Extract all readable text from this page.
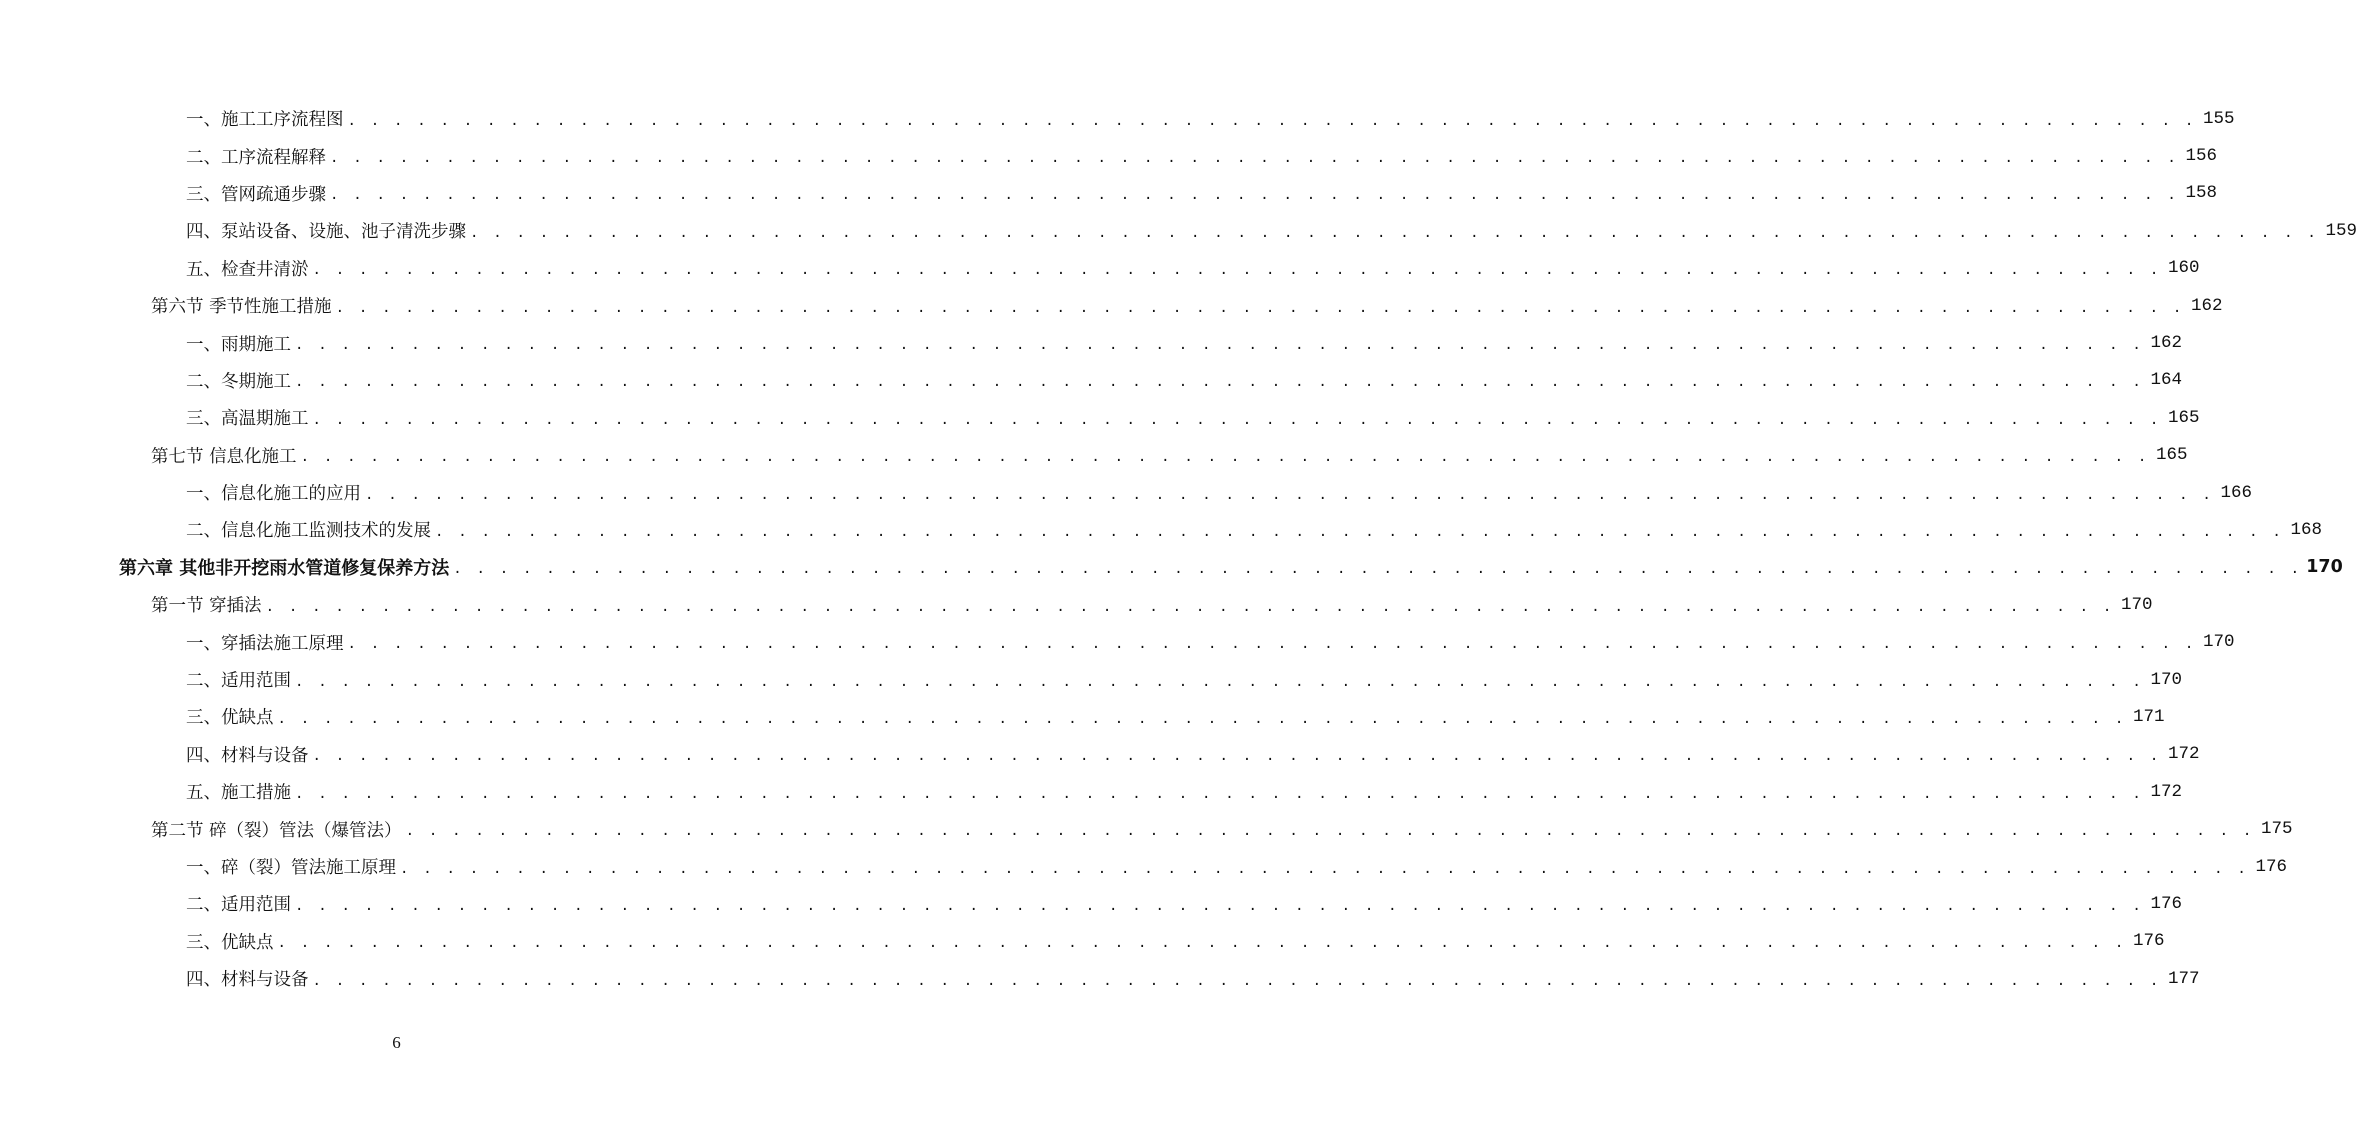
一、施工工序流程图 . . . . . . . . . . . . . . . . . . . . . . . . . . . . . . . . . . . . . . . . . . . . . . . . . . . . . . . . . . . . . . . . . . . . . . . . . . . . . . . . 155
二、工序流程解释 . . . . . . . . . . . . . . . . . . . . . . . . . . . . . . . . . . . . . . . . . . . . . . . . . . . . . . . . . . . . . . . . . . . . . . . . . . . . . . . . 156
三、管网疏通步骤 . . . . . . . . . . . . . . . . . . . . . . . . . . . . . . . . . . . . . . . . . . . . . . . . . . . . . . . . . . . . . . . . . . . . . . . . . . . . . . . . 158
四、泵站设备、设施、池子清洗步骤 . . . . . . . . . . . . . . . . . . . . . . . . . . . . . . . . . . . . . . . . . . . . . . . . . . . . . . . . . . . . . . . . . . . . . . . . . . . . . . . . 159
五、检查井清淤 . . . . . . . . . . . . . . . . . . . . . . . . . . . . . . . . . . . . . . . . . . . . . . . . . . . . . . . . . . . . . . . . . . . . . . . . . . . . . . . . 160
第六节 季节性施工措施 . . . . . . . . . . . . . . . . . . . . . . . . . . . . . . . . . . . . . . . . . . . . . . . . . . . . . . . . . . . . . . . . . . . . . . . . . . . . . . . . 162
一、雨期施工 . . . . . . . . . . . . . . . . . . . . . . . . . . . . . . . . . . . . . . . . . . . . . . . . . . . . . . . . . . . . . . . . . . . . . . . . . . . . . . . . 162
二、冬期施工 . . . . . . . . . . . . . . . . . . . . . . . . . . . . . . . . . . . . . . . . . . . . . . . . . . . . . . . . . . . . . . . . . . . . . . . . . . . . . . . . 164
三、高温期施工 . . . . . . . . . . . . . . . . . . . . . . . . . . . . . . . . . . . . . . . . . . . . . . . . . . . . . . . . . . . . . . . . . . . . . . . . . . . . . . . . 165
第七节 信息化施工 . . . . . . . . . . . . . . . . . . . . . . . . . . . . . . . . . . . . . . . . . . . . . . . . . . . . . . . . . . . . . . . . . . . . . . . . . . . . . . . . 165
一、信息化施工的应用 . . . . . . . . . . . . . . . . . . . . . . . . . . . . . . . . . . . . . . . . . . . . . . . . . . . . . . . . . . . . . . . . . . . . . . . . . . . . . . . . 166
二、信息化施工监测技术的发展 . . . . . . . . . . . . . . . . . . . . . . . . . . . . . . . . . . . . . . . . . . . . . . . . . . . . . . . . . . . . . . . . . . . . . . . . . . . . . . . . 168
第六章 其他非开挖雨水管道修复保养方法 . . . . . . . . . . . . . . . . . . . . . . . . . . . . . . . . . . . . . . . . . . . . . . . . . . . . . . . . . . . . . . . . . . . . . . . . . . . . . . . . 170
第一节 穿插法 . . . . . . . . . . . . . . . . . . . . . . . . . . . . . . . . . . . . . . . . . . . . . . . . . . . . . . . . . . . . . . . . . . . . . . . . . . . . . . . . 170
一、穿插法施工原理 . . . . . . . . . . . . . . . . . . . . . . . . . . . . . . . . . . . . . . . . . . . . . . . . . . . . . . . . . . . . . . . . . . . . . . . . . . . . . . . . 170
二、适用范围 . . . . . . . . . . . . . . . . . . . . . . . . . . . . . . . . . . . . . . . . . . . . . . . . . . . . . . . . . . . . . . . . . . . . . . . . . . . . . . . . 170
三、优缺点 . . . . . . . . . . . . . . . . . . . . . . . . . . . . . . . . . . . . . . . . . . . . . . . . . . . . . . . . . . . . . . . . . . . . . . . . . . . . . . . . 171
四、材料与设备 . . . . . . . . . . . . . . . . . . . . . . . . . . . . . . . . . . . . . . . . . . . . . . . . . . . . . . . . . . . . . . . . . . . . . . . . . . . . . . . . 172
五、施工措施 . . . . . . . . . . . . . . . . . . . . . . . . . . . . . . . . . . . . . . . . . . . . . . . . . . . . . . . . . . . . . . . . . . . . . . . . . . . . . . . . 172
第二节 碎（裂）管法（爆管法） . . . . . . . . . . . . . . . . . . . . . . . . . . . . . . . . . . . . . . . . . . . . . . . . . . . . . . . . . . . . . . . . . . . . . . . . . . . . . . . . 175
一、碎（裂）管法施工原理 . . . . . . . . . . . . . . . . . . . . . . . . . . . . . . . . . . . . . . . . . . . . . . . . . . . . . . . . . . . . . . . . . . . . . . . . . . . . . . . . 176
二、适用范围 . . . . . . . . . . . . . . . . . . . . . . . . . . . . . . . . . . . . . . . . . . . . . . . . . . . . . . . . . . . . . . . . . . . . . . . . . . . . . . . . 176
三、优缺点 . . . . . . . . . . . . . . . . . . . . . . . . . . . . . . . . . . . . . . . . . . . . . . . . . . . . . . . . . . . . . . . . . . . . . . . . . . . . . . . . 176
四、材料与设备 . . . . . . . . . . . . . . . . . . . . . . . . . . . . . . . . . . . . . . . . . . . . . . . . . . . . . . . . . . . . . . . . . . . . . . . . . . . . . . . . 177
6
